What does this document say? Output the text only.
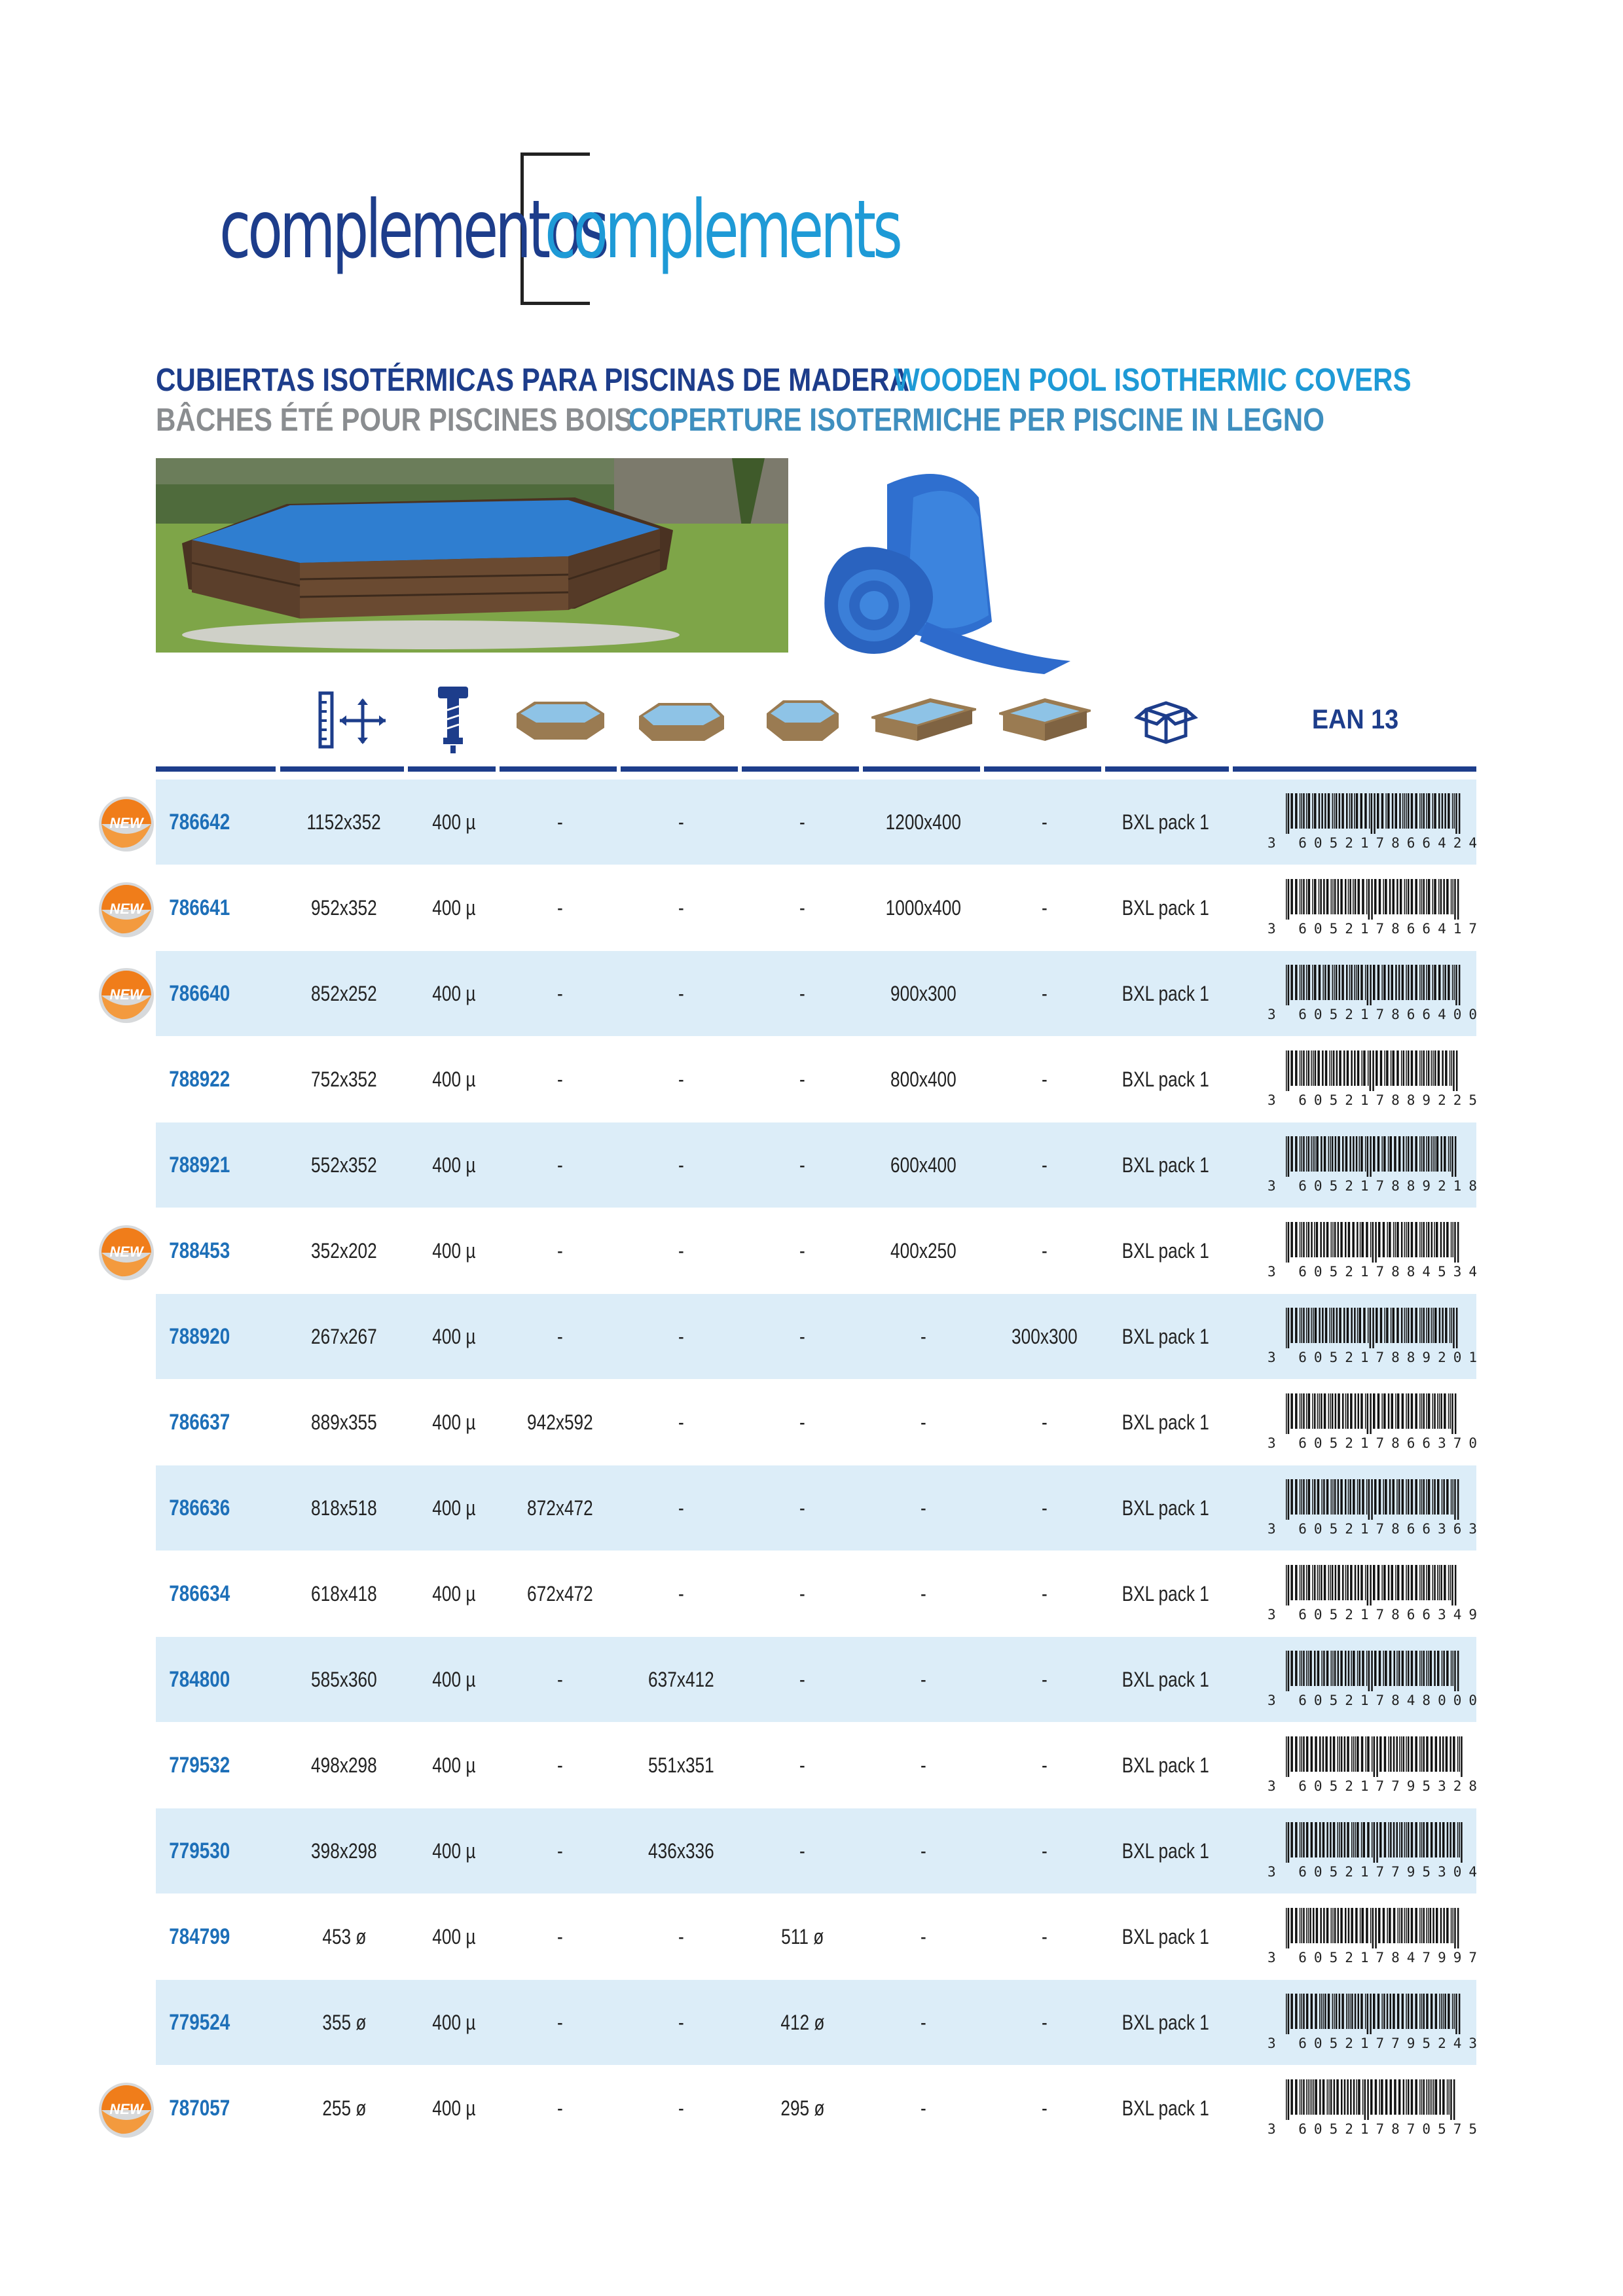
complementos
complements
CUBIERTAS ISOTÉRMICAS PARA PISCINAS DE MADERA
WOODEN POOL ISOTHERMIC COVERS
BÂCHES ÉTÉ POUR PISCINES BOIS
COPERTURE ISOTERMICHE PER PISCINE IN LEGNO
EAN 13
786642	1152x352 400 µ	-	-	-	1200x400	-	BXL pack 1
3 605217866424
NEW
786641	952x352	400 µ	-	-	-	1000x400	-	BXL pack 1
3 605217866417
NEW
786640	852x252	400 µ	-	-	-	900x300	-	BXL pack 1
3 605217866400
NEW
788922	752x352	400 µ	-	-	-	800x400	-	BXL pack 1
3 605217889225
788921	552x352	400 µ	-	-	-	600x400	-	BXL pack 1
3 605217889218
788453	352x202	400 µ	-	-	-	400x250	-	BXL pack 1
3 605217884534
NEW
788920	267x267	400 µ	-	-	-	-	300x300 BXL pack 1
3 605217889201
786637	889x355	400 µ 942x592	-	-	-	-	BXL pack 1
3 605217866370
786636	818x518	400 µ 872x472	-	-	-	-	BXL pack 1
3 605217866363
786634	618x418	400 µ 672x472	-	-	-	-	BXL pack 1
3 605217866349
784800	585x360	400 µ	-	637x412	-	-	-	BXL pack 1
3 605217848000
779532	498x298	400 µ	-	551x351	-	-	-	BXL pack 1
3 605217795328
779530	398x298	400 µ	-	436x336	-	-	-	BXL pack 1
3 605217795304
784799	453 ø	400 µ	-	-	511 ø	-	-	BXL pack 1
3 605217847997
779524	355 ø	400 µ	-	-	412 ø	-	-	BXL pack 1
3 605217795243
787057	255 ø	400 µ	-	-	295 ø	-	-	BXL pack 1
3 605217870575
NEW
